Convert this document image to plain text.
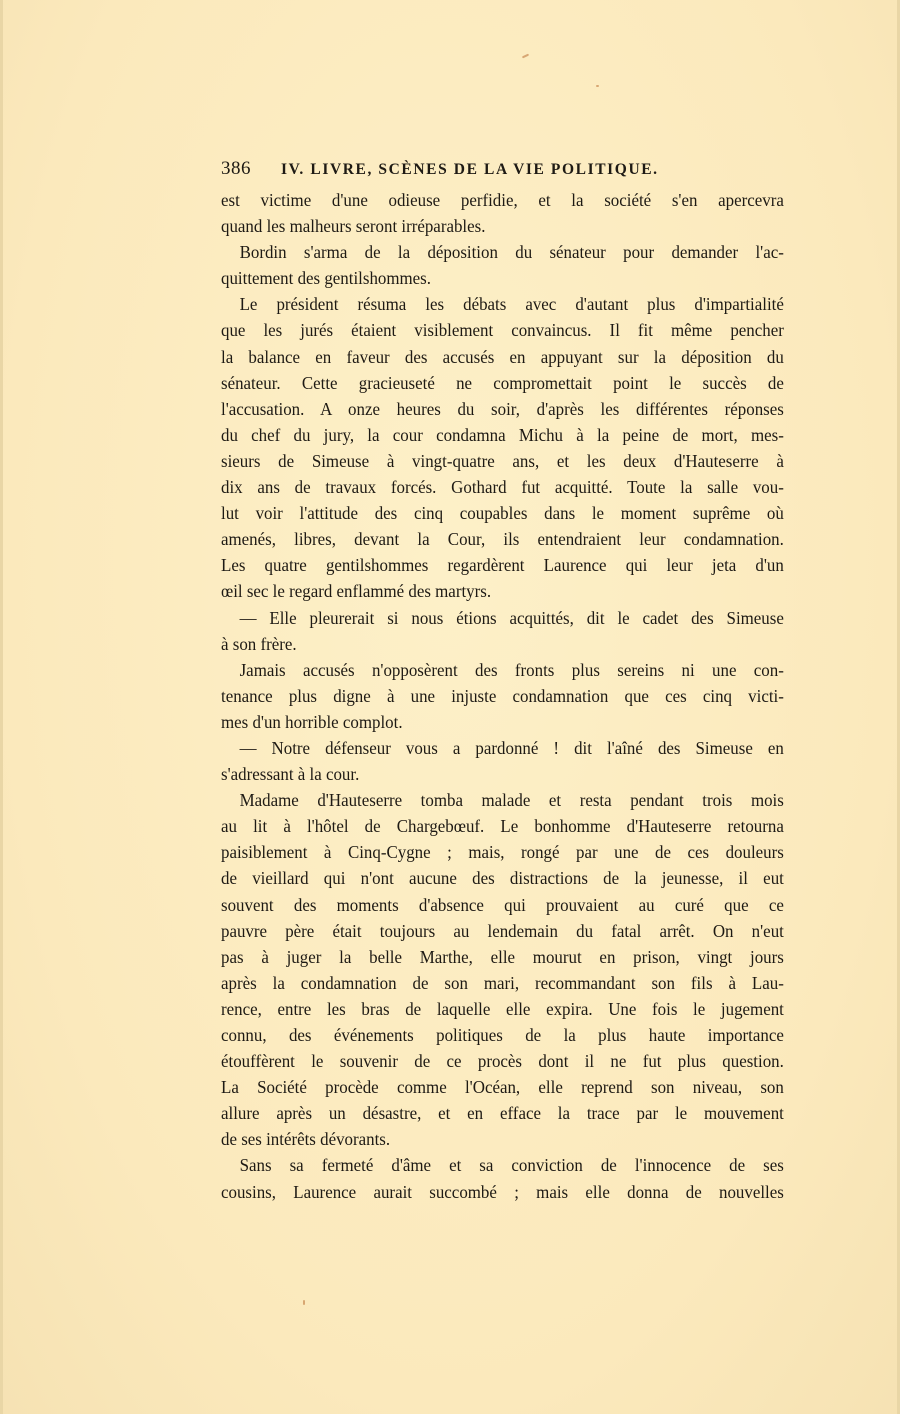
386	IV. LIVRE, SCÈNES DE LA VIE POLITIQUE.
est victime d'une odieuse perfidie, et la société s'en apercevra
quand les malheurs seront irréparables.
Bordin s'arma de la déposition du sénateur pour demander l'ac-
quittement des gentilshommes.
Le président résuma les débats avec d'autant plus d'impartialité
que les jurés étaient visiblement convaincus. Il fit même pencher
la balance en faveur des accusés en appuyant sur la déposition du
sénateur. Cette gracieuseté ne compromettait point le succès de
l'accusation. A onze heures du soir, d'après les différentes réponses
du chef du jury, la cour condamna Michu à la peine de mort, mes-
sieurs de Simeuse à vingt-quatre ans, et les deux d'Hauteserre à
dix ans de travaux forcés. Gothard fut acquitté. Toute la salle vou-
lut voir l'attitude des cinq coupables dans le moment suprême où
amenés, libres, devant la Cour, ils entendraient leur condamnation.
Les quatre gentilshommes regardèrent Laurence qui leur jeta d'un
œil sec le regard enflammé des martyrs.
— Elle pleurerait si nous étions acquittés, dit le cadet des Simeuse
à son frère.
Jamais accusés n'opposèrent des fronts plus sereins ni une con-
tenance plus digne à une injuste condamnation que ces cinq victi-
mes d'un horrible complot.
— Notre défenseur vous a pardonné ! dit l'aîné des Simeuse en
s'adressant à la cour.
Madame d'Hauteserre tomba malade et resta pendant trois mois
au lit à l'hôtel de Chargebœuf. Le bonhomme d'Hauteserre retourna
paisiblement à Cinq-Cygne ; mais, rongé par une de ces douleurs
de vieillard qui n'ont aucune des distractions de la jeunesse, il eut
souvent des moments d'absence qui prouvaient au curé que ce
pauvre père était toujours au lendemain du fatal arrêt. On n'eut
pas à juger la belle Marthe, elle mourut en prison, vingt jours
après la condamnation de son mari, recommandant son fils à Lau-
rence, entre les bras de laquelle elle expira. Une fois le jugement
connu, des événements politiques de la plus haute importance
étouffèrent le souvenir de ce procès dont il ne fut plus question.
La Société procède comme l'Océan, elle reprend son niveau, son
allure après un désastre, et en efface la trace par le mouvement
de ses intérêts dévorants.
Sans sa fermeté d'âme et sa conviction de l'innocence de ses
cousins, Laurence aurait succombé ; mais elle donna de nouvelles
